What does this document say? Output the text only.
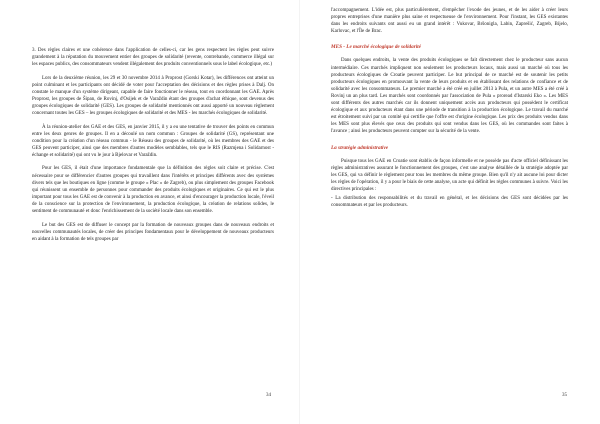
3. Des règles claires et une cohérence dans l'application de celles-ci, car les gens respectent les règles peut suivre grandement à la réputation du mouvement entier des groupes de solidarité (revente, contrebande, commerce illégal sur les espaces publics, des consommateurs vendent illégalement des produits conventionnels sous le label écologique, etc.)

Lors de la deuxième réunion, les 29 et 30 novembre 2014 à Proprost (Gorski Kotar), les différences ont atteint un point culminant et les participants ont décidé de voter pour l'acceptation des décisions et des règles prises à Dalj. On constate le manque d'un système dirigeant, capable de faire fonctionner le réseau, tout en coordonnant les GAE. Après Proprost, les groupes de Šipan, de Rovinj, d'Osijek et de Varaždin étant des groupes d'achat éthique, sont devenus des groupes écologiques de solidarité (GES). Les groupes de solidarité mentionnés ont aussi apporté un nouveau règlement concernant toutes les GES – les groupes écologiques de solidarité et des MES - les marchés écologiques de solidarité.

À la réunion-atelier des GAE et des GES, en janvier 2015, il y a eu une tentative de trouver des points en commun entre les deux genres de groupes. Il en a découlé un nom commun : Groupes de solidarité (GS), représentant une condition pour la création d'un réseau commun - le Réseau des groupes de solidarité, où les membres des GAE et des GES peuvent participer, ainsi que des membres d'autres modèles semblables, tels que le RIS (Razmjena i Solidarnost - échange et solidarité) qui ont vu le jour à Bjelovar et Varaždin.

Pour les GES, il était d'une importance fondamentale que la définition des règles soit claire et précise. C'est nécessaire pour se différencier d'autres groupes qui travaillent dans l'intérêts et principes différents avec des systèmes divers tels que les boutiques en ligne (comme le groupe « Plac » de Zagreb), ou plus simplement des groupes Facebook qui réunissent un ensemble de personnes pour commander des produits écologiques et originaires. Ce qui est le plus important pour tous les GAE est de convenir à la production en avance, et ainsi d'encourager la production locale, l'éveil de la conscience sur la protection de l'environnement, la production écologique, la création de relations solides, le sentiment de communauté et donc l'enrichissement de la société locale dans son ensemble.

Le but des GES est de diffuser le concept par la formation de nouveaux groupes dans de nouveaux endroits et nouvelles communautés locales, de créer des principes fondamentaux pour le développement de nouveaux producteurs en aidant à la formation de tels groupes par

34

l'accompagnement. L'idée est, plus particulièrement, d'empêcher l'exode des jeunes, et de les aider à créer leurs propres entreprises d'une manière plus saine et respectueuse de l'environnement. Pour l'instant, les GES existantes dans les endroits suivants ont aussi eu un grand intérêt : Vukovar, Bršonigla, Labin, Zaprešić, Zagreb, Bijelo, Karlovac, et l'Île de Brac.

MES - Le marché écologique de solidarité

Dans quelques endroits, la vente des produits écologiques se fait directement chez le producteur sans aucun intermédiaire. Ces marchés impliquent non seulement les producteurs locaux, mais aussi un marché où tous les producteurs écologiques de Croatie peuvent participer. Le but principal de ce marché est de soutenir les petits producteurs écologiques en promouvant la vente de leurs produits et en établissant des relations de confiance et de solidarité avec les consommateurs. Le premier marché a été créé en juillet 2013 à Pula, et un autre MES a été créé à Rovinj un an plus tard. Les marchés sont coordonnés par l'association de Pula « proread d'Istarski Eko ». Les MES sont différents des autres marchés car ils donnent uniquement accès aux producteurs qui possèdent le certificat écologique et aux producteurs étant dans une période de transition à la production écologique. Le travail du marché est étroitement suivi par un comité qui certifie que l'offre est d'origine écologique. Les prix des produits vendus dans les MES sont plus élevés que ceux des produits qui sont vendus dans les GES, où les commandes sont faites à l'avance ; ainsi les producteurs peuvent compter sur la sécurité de la vente.

La stratégie administrative

Puisque tous les GAE en Croatie sont établis de façon informelle et ne possède pas d'acte officiel définissant les règles administratives assurant le fonctionnement des groupes, c'est une analyse détaillée de la stratégie adoptée par les GES, qui va définir le règlement pour tous les membres du même groupe. Bien qu'il n'y ait aucune loi pour dicter les règles de l'opération, il y a pour le biais de cette analyse, un acte qui définit les règles communes à suivre. Voici les directives principales :

- La distribution des responsabilités et du travail en général, et les décisions des GES sont décidées par les consommateurs et par les producteurs.

35
